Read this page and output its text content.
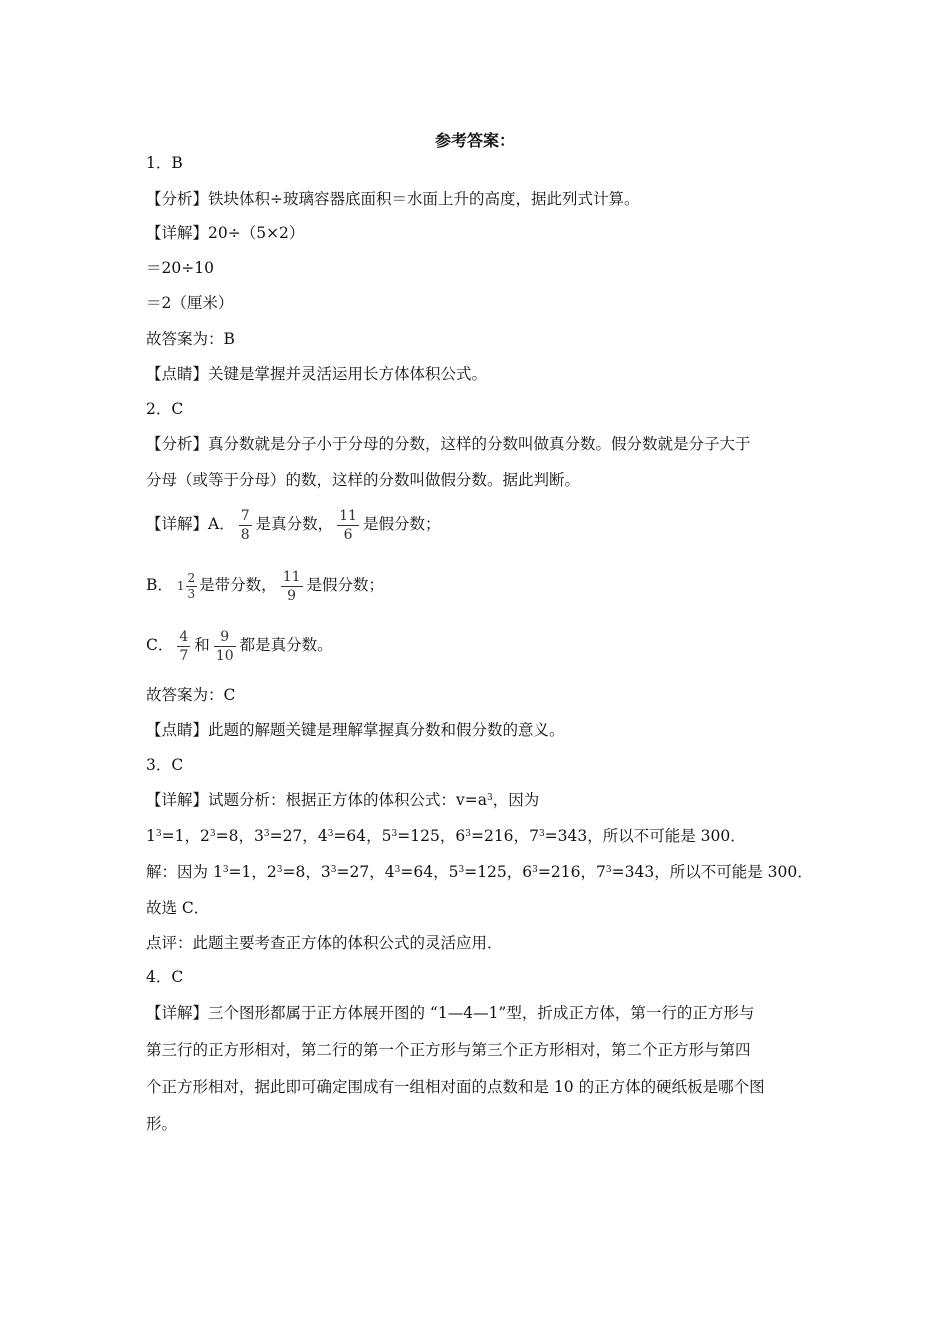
参考答案：
1．B
【分析】铁块体积÷玻璃容器底面积＝水面上升的高度，据此列式计算。
【详解】20÷（5×2）
＝20÷10
＝2（厘米）
故答案为：B
【点睛】关键是掌握并灵活运用长方体体积公式。
2．C
【分析】真分数就是分子小于分母的分数，这样的分数叫做真分数。假分数就是分子大于
分母（或等于分母）的数，这样的分数叫做假分数。据此判断。
【详解】A． $\frac{7}{8}$ 是真分数， $\frac{11}{6}$ 是假分数；
B． $1 \frac{2}{3}$ 是带分数， $\frac{11}{9}$ 是假分数；
C． $\frac{4}{7}$ 和 $\frac{9}{10}$ 都是真分数。
故答案为：C
【点睛】此题的解题关键是理解掌握真分数和假分数的意义。
3．C
【详解】试题分析：根据正方体的体积公式：$v=a^3$，因为
$1^3=1$，$2^3=8$，$3^3=27$，$4^3=64$，$5^3=125$，$6^3=216$，$7^3=343$，所以不可能是 300．
解：因为 $1^3=1$，$2^3=8$，$3^3=27$，$4^3=64$，$5^3=125$，$6^3=216$，$7^3=343$，所以不可能是 300．
故选 C．
点评：此题主要考查正方体的体积公式的灵活应用．
4．C
【详解】三个图形都属于正方体展开图的 “1—4—1”型，折成正方体，第一行的正方形与
第三行的正方形相对，第二行的第一个正方形与第三个正方形相对，第二个正方形与第四
个正方形相对，据此即可确定围成有一组相对面的点数和是 10 的正方体的硬纸板是哪个图
形。
